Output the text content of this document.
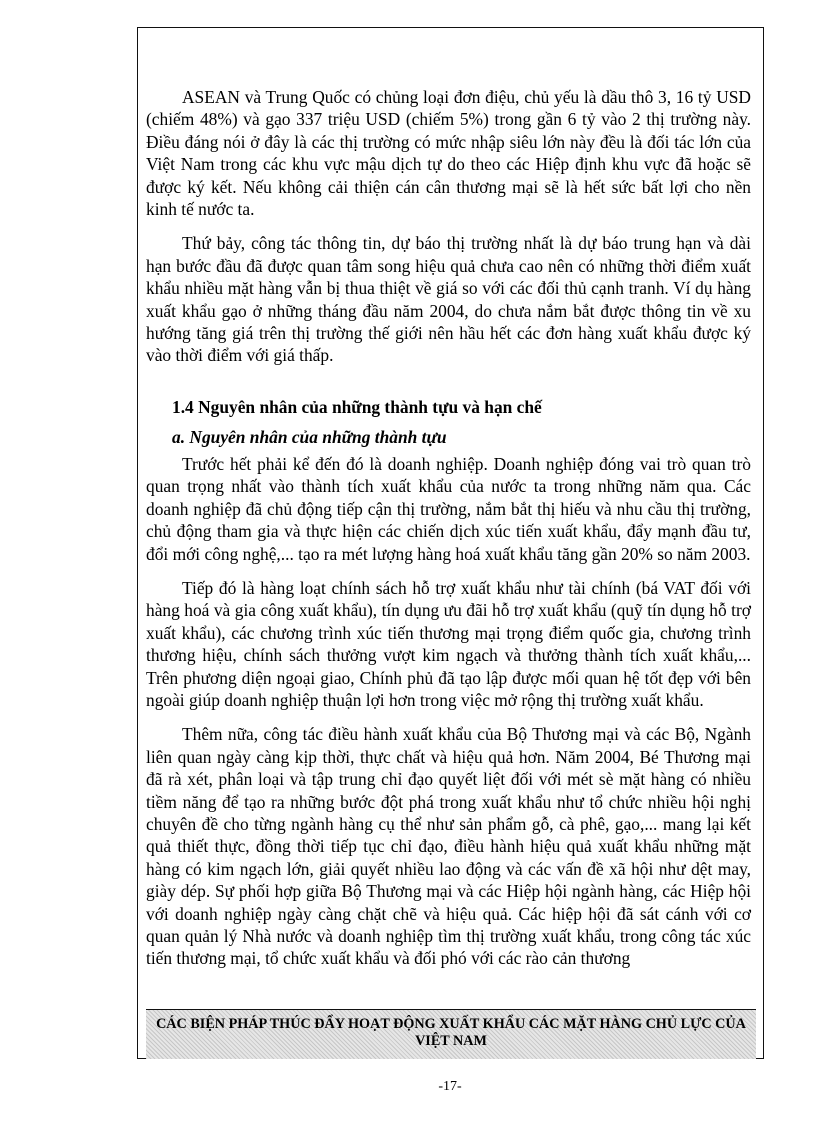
ASEAN và Trung Quốc có chủng loại đơn điệu, chủ yếu là dầu thô 3, 16 tỷ USD (chiếm 48%) và gạo 337 triệu USD (chiếm 5%) trong gần 6 tỷ vào 2 thị trường này. Điều đáng nói ở đây là các thị trường có mức nhập siêu lớn này đều là đối tác lớn của Việt Nam trong các khu vực mậu dịch tự do theo các Hiệp định khu vực đã hoặc sẽ được ký kết. Nếu không cải thiện cán cân thương mại sẽ là hết sức bất lợi cho nền kinh tế nước ta.

Thứ bảy, công tác thông tin, dự báo thị trường nhất là dự báo trung hạn và dài hạn bước đầu đã được quan tâm song hiệu quả chưa cao nên có những thời điểm xuất khẩu nhiều mặt hàng vẫn bị thua thiệt về giá so với các đối thủ cạnh tranh. Ví dụ hàng xuất khẩu gạo ở những tháng đầu năm 2004, do chưa nắm bắt được thông tin về xu hướng tăng giá trên thị trường thế giới nên hầu hết các đơn hàng xuất khẩu được ký vào thời điểm với giá thấp.

1.4 Nguyên nhân của những thành tựu và hạn chế
a. Nguyên nhân của những thành tựu

Trước hết phải kể đến đó là doanh nghiệp. Doanh nghiệp đóng vai trò quan trò quan trọng nhất vào thành tích xuất khẩu của nước ta trong những năm qua. Các doanh nghiệp đã chủ động tiếp cận thị trường, nắm bắt thị hiếu và nhu cầu thị trường, chủ động tham gia và thực hiện các chiến dịch xúc tiến xuất khẩu, đẩy mạnh đầu tư, đổi mới công nghệ,... tạo ra mét lượng hàng hoá xuất khẩu tăng gần 20% so năm 2003.

Tiếp đó là hàng loạt chính sách hỗ trợ xuất khẩu như tài chính (bá VAT đối với hàng hoá và gia công xuất khẩu), tín dụng ưu đãi hỗ trợ xuất khẩu (quỹ tín dụng hỗ trợ xuất khẩu), các chương trình xúc tiến thương mại trọng điểm quốc gia, chương trình thương hiệu, chính sách thưởng vượt kim ngạch và thưởng thành tích xuất khẩu,... Trên phương diện ngoại giao, Chính phủ đã tạo lập được mối quan hệ tốt đẹp với bên ngoài giúp doanh nghiệp thuận lợi hơn trong việc mở rộng thị trường xuất khẩu.

Thêm nữa, công tác điều hành xuất khẩu của Bộ Thương mại và các Bộ, Ngành liên quan ngày càng kịp thời, thực chất và hiệu quả hơn. Năm 2004, Bé Thương mại đã rà xét, phân loại và tập trung chỉ đạo quyết liệt đối với mét sè mặt hàng có nhiều tiềm năng để tạo ra những bước đột phá trong xuất khẩu như tổ chức nhiều hội nghị chuyên đề cho từng ngành hàng cụ thể như sản phẩm gỗ, cà phê, gạo,... mang lại kết quả thiết thực, đồng thời tiếp tục chỉ đạo, điều hành hiệu quả xuất khẩu những mặt hàng có kim ngạch lớn, giải quyết nhiều lao động và các vấn đề xã hội như dệt may, giày dép. Sự phối hợp giữa Bộ Thương mại và các Hiệp hội ngành hàng, các Hiệp hội với doanh nghiệp ngày càng chặt chẽ và hiệu quả. Các hiệp hội đã sát cánh với cơ quan quản lý Nhà nước và doanh nghiệp tìm thị trường xuất khẩu, trong công tác xúc tiến thương mại, tổ chức xuất khẩu và đối phó với các rào cản thương

CÁC BIỆN PHÁP THÚC ĐẨY HOẠT ĐỘNG XUẤT KHẨU CÁC MẶT HÀNG CHỦ LỰC CỦA VIỆT NAM
-17-
